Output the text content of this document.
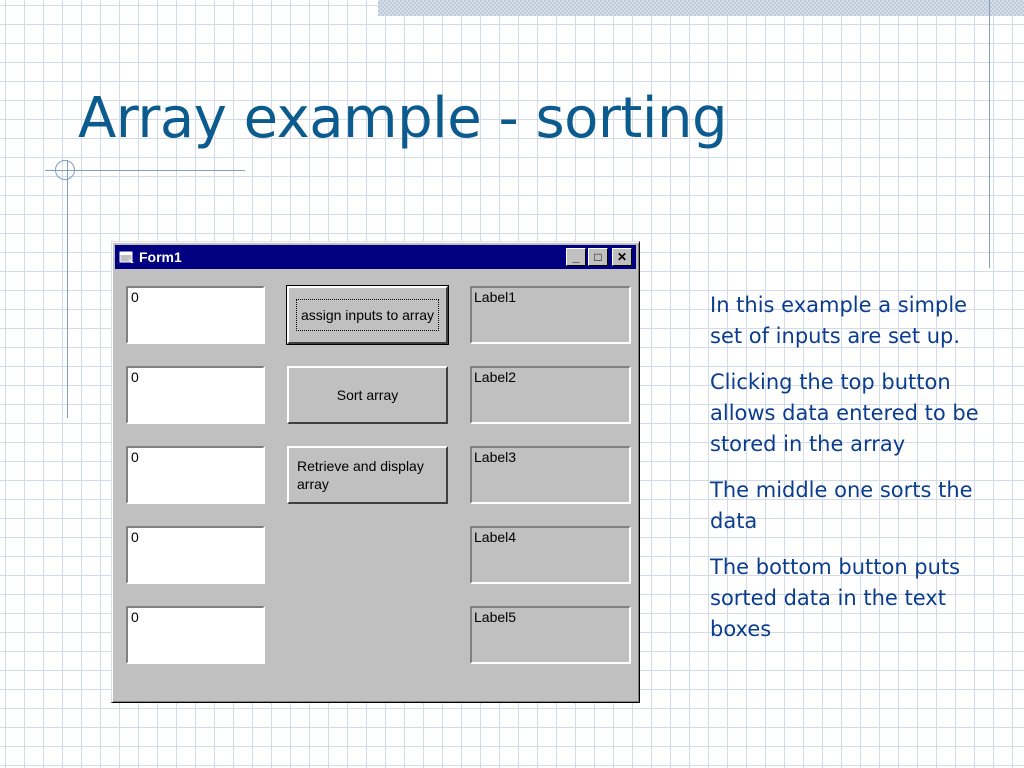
Array example - sorting
Form1	_	□	✕
0
0
0
0
0
assign inputs to array
Sort array
Retrieve and display array
Label1
Label2
Label3
Label4
Label5

In this example a simple set of inputs are set up.

Clicking the top button allows data entered to be stored in the array

The middle one sorts the data

The bottom button puts sorted data in the text boxes
